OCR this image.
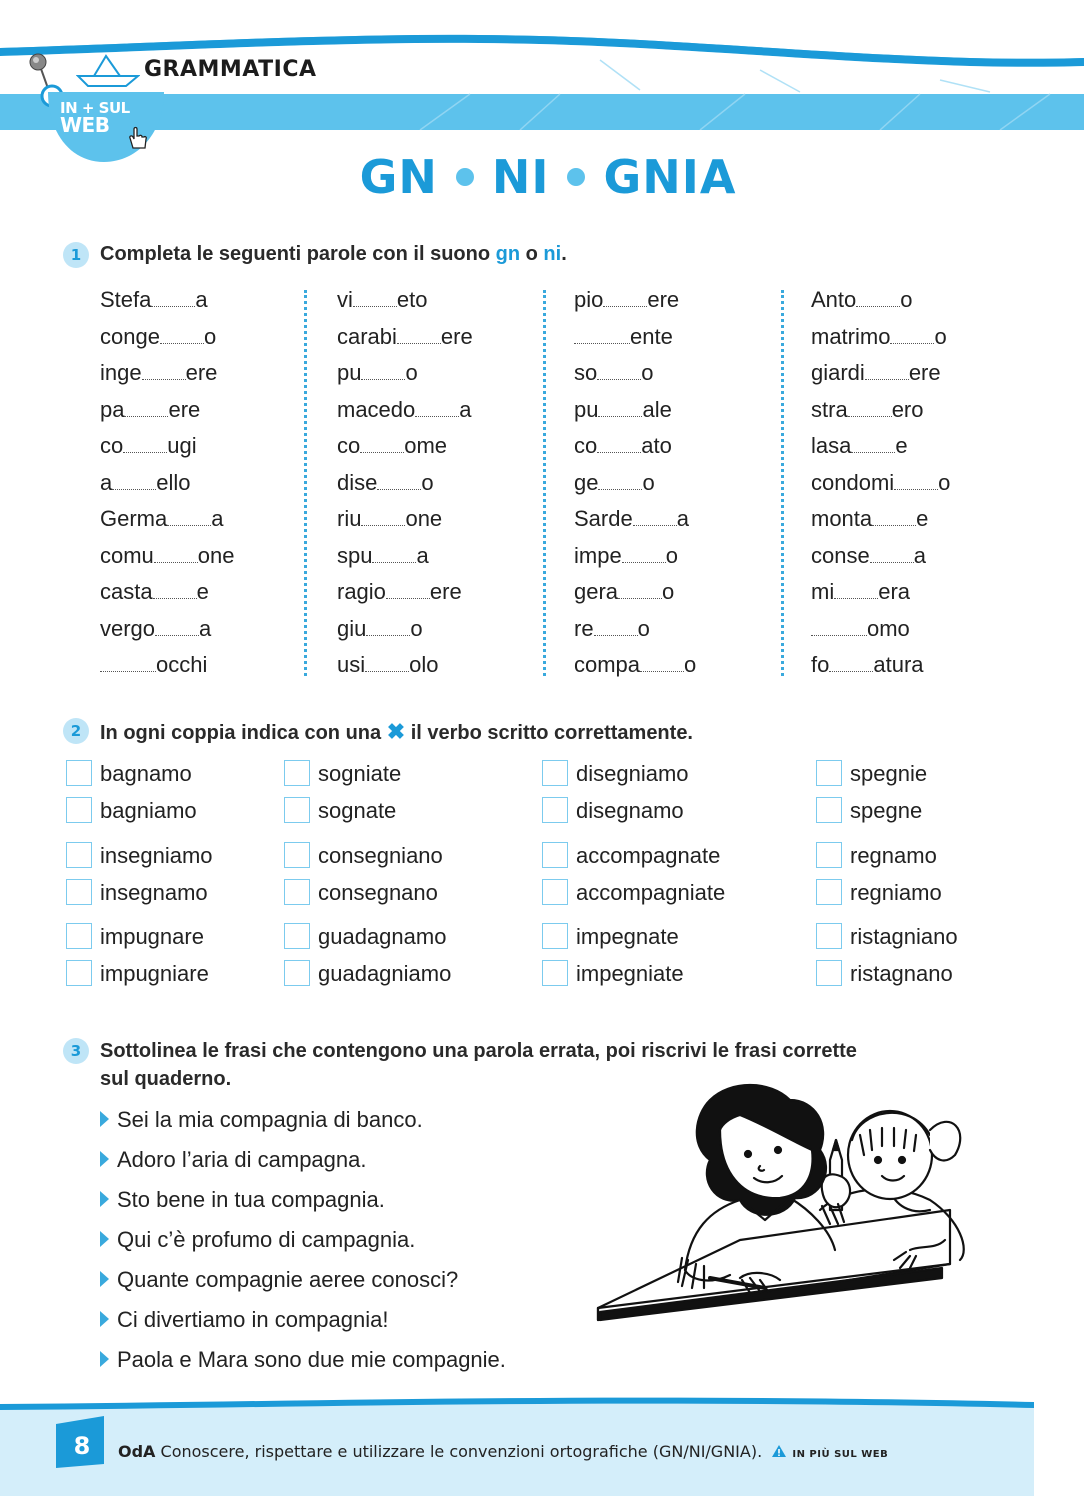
GRAMMATICA
IN + SUL
WEB
GN NI GNIA
1 Completa le seguenti parole con il suono gn o ni.
Stefa a
conge o
inge ere
pa ere
co ugi
a ello
Germa a
comu one
casta e
vergo a
occhi
vi eto
carabi ere
pu o
macedo a
co ome
dise o
riu one
spu a
ragio ere
giu o
usi olo
pio ere
ente
so o
pu ale
co ato
ge o
Sarde a
impe o
gera o
re o
compa o
Anto o
matrimo o
giardi ere
stra ero
lasa e
condomi o
monta e
conse a
mi era
omo
fo atura
2 In ogni coppia indica con una ✖ il verbo scritto correttamente.
bagnamo
bagniamo
sogniate
sognate
disegniamo
disegnamo
spegnie
spegne
insegniamo
insegnamo
consegniano
consegnano
accompagnate
accompagniate
regnamo
regniamo
impugnare
impugniare
guadagnamo
guadagniamo
impegnate
impegniate
ristagniano
ristagnano
3 Sottolinea le frasi che contengono una parola errata, poi riscrivi le frasi corrette
sul quaderno.
Sei la mia compagnia di banco.
Adoro l’aria di campagna.
Sto bene in tua compagnia.
Qui c’è profumo di campagnia.
Quante compagnie aeree conosci?
Ci divertiamo in compagnia!
Paola e Mara sono due mie compagnie.
8	OdA Conoscere, rispettare e utilizzare le convenzioni ortografiche (GN/NI/GNIA).	IN PIÙ SUL WEB
